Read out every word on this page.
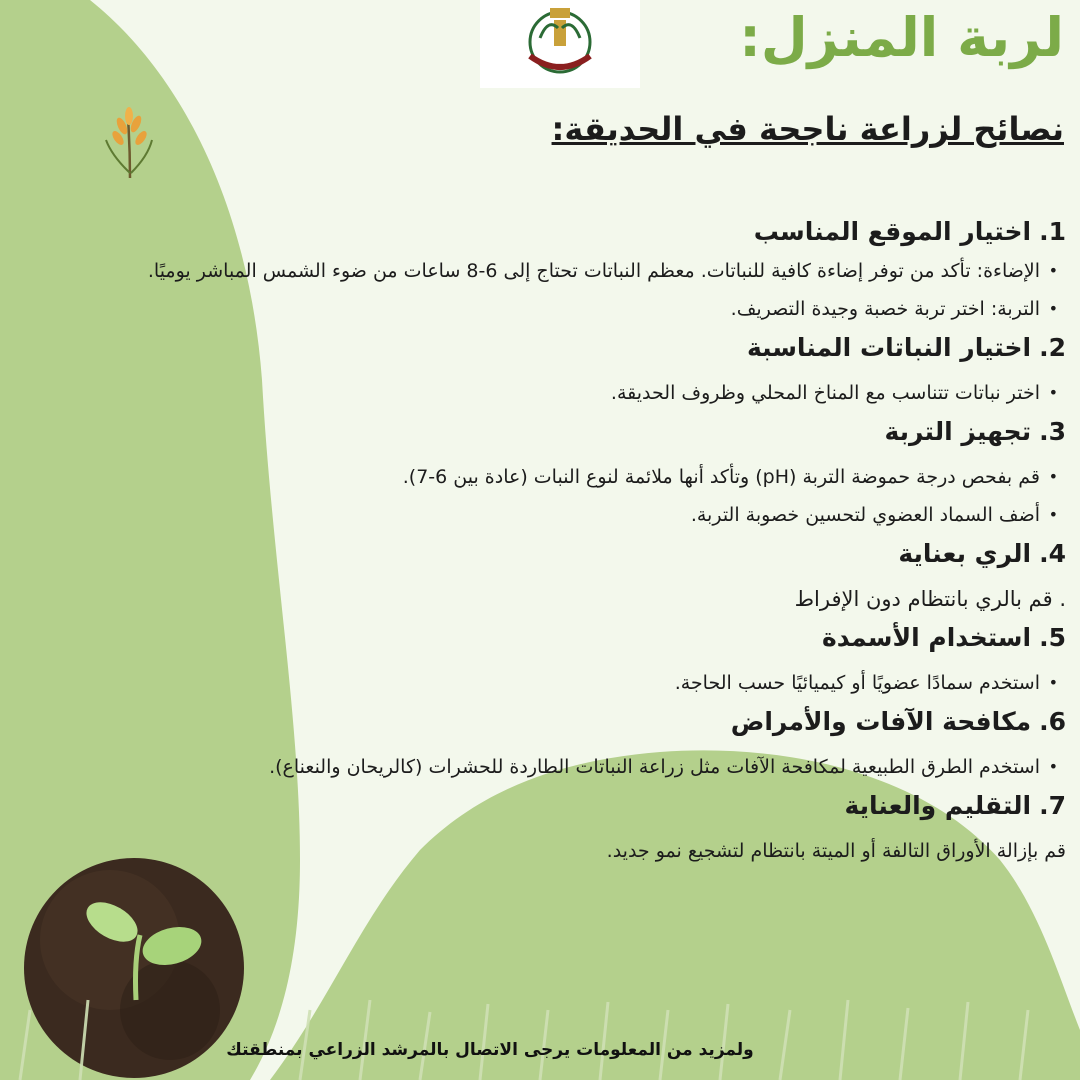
لربة المنزل:
نصائح لزراعة ناجحة في الحديقة:
1.اختيار الموقع المناسب
• الإضاءة: تأكد من توفر إضاءة كافية للنباتات. معظم النباتات تحتاج إلى 6-8 ساعات من ضوء الشمس المباشر يوميًا.
• التربة: اختر تربة خصبة وجيدة التصريف.
2.اختيار النباتات المناسبة
• اختر نباتات تتناسب مع المناخ المحلي وظروف الحديقة.
3.تجهيز التربة
• قم بفحص درجة حموضة التربة (pH) وتأكد أنها ملائمة لنوع النبات (عادة بين 6-7).
• أضف السماد العضوي لتحسين خصوبة التربة.
4.الري بعناية
. قم بالري بانتظام دون الإفراط
5.استخدام الأسمدة
• استخدم سمادًا عضويًا أو كيميائيًا حسب الحاجة.
6.مكافحة الآفات والأمراض
• استخدم الطرق الطبيعية لمكافحة الآفات مثل زراعة النباتات الطاردة للحشرات (كالريحان والنعناع).
7.التقليم والعناية
قم بإزالة الأوراق التالفة أو الميتة بانتظام لتشجيع نمو جديد.
ولمزيد من المعلومات يرجى الاتصال بالمرشد الزراعي بمنطقتك
